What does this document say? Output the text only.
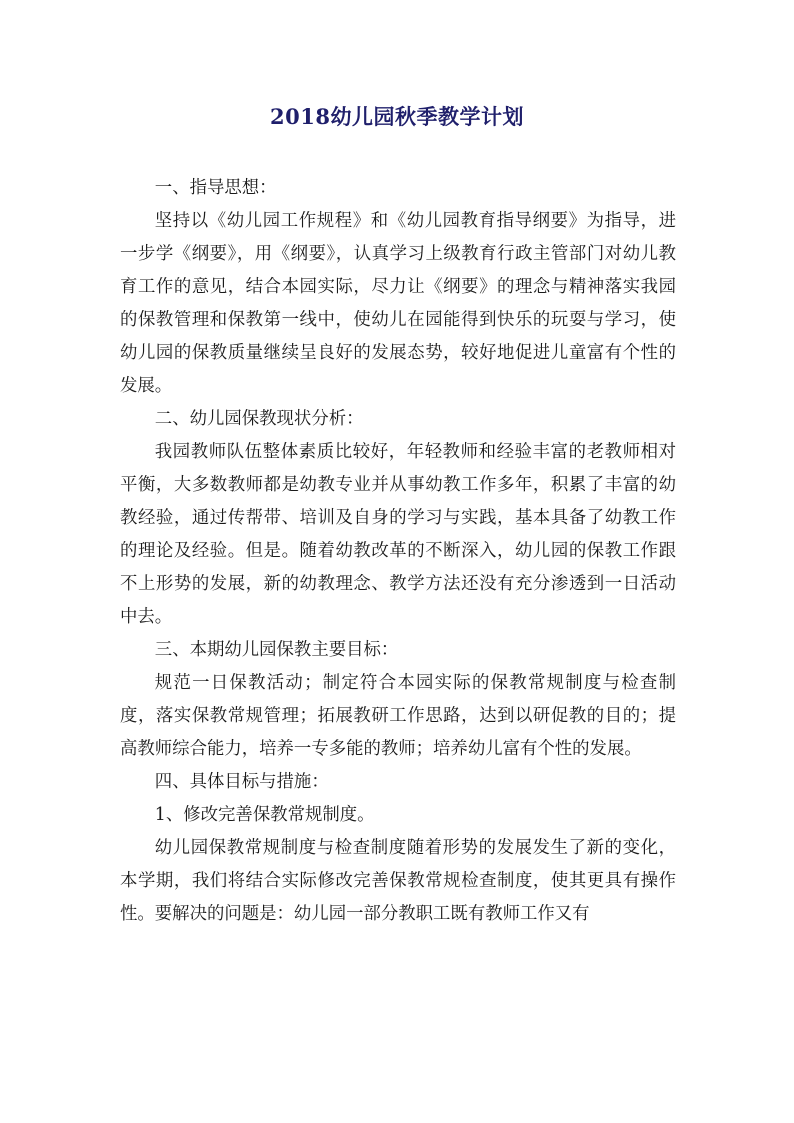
2018幼儿园秋季教学计划

一、指导思想：

坚持以《幼儿园工作规程》和《幼儿园教育指导纲要》为指导，进一步学《纲要》，用《纲要》，认真学习上级教育行政主管部门对幼儿教育工作的意见，结合本园实际，尽力让《纲要》的理念与精神落实我园的保教管理和保教第一线中，使幼儿在园能得到快乐的玩耍与学习，使幼儿园的保教质量继续呈良好的发展态势，较好地促进儿童富有个性的发展。

二、幼儿园保教现状分析：

我园教师队伍整体素质比较好，年轻教师和经验丰富的老教师相对平衡，大多数教师都是幼教专业并从事幼教工作多年，积累了丰富的幼教经验，通过传帮带、培训及自身的学习与实践，基本具备了幼教工作的理论及经验。但是。随着幼教改革的不断深入，幼儿园的保教工作跟不上形势的发展，新的幼教理念、教学方法还没有充分渗透到一日活动中去。

三、本期幼儿园保教主要目标：

规范一日保教活动；制定符合本园实际的保教常规制度与检查制度，落实保教常规管理；拓展教研工作思路，达到以研促教的目的；提高教师综合能力，培养一专多能的教师；培养幼儿富有个性的发展。

四、具体目标与措施：

1、修改完善保教常规制度。

幼儿园保教常规制度与检查制度随着形势的发展发生了新的变化，本学期，我们将结合实际修改完善保教常规检查制度，使其更具有操作性。要解决的问题是：幼儿园一部分教职工既有教师工作又有
